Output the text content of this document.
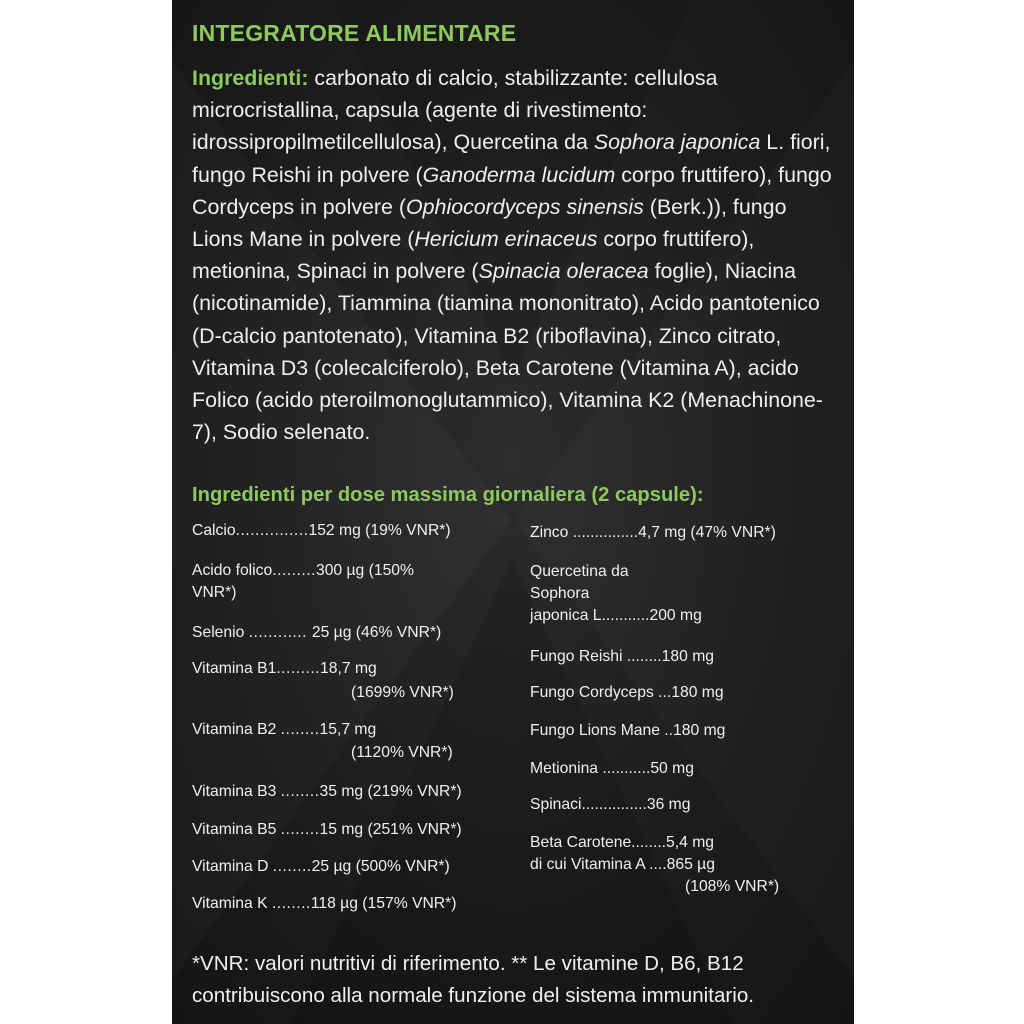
INTEGRATORE ALIMENTARE
Ingredienti: carbonato di calcio, stabilizzante: cellulosa microcristallina, capsula (agente di rivestimento: idrossipropilmetilcellulosa), Quercetina da Sophora japonica L. fiori, fungo Reishi in polvere (Ganoderma lucidum corpo fruttifero), fungo Cordyceps in polvere (Ophiocordyceps sinensis (Berk.)), fungo Lions Mane in polvere (Hericium erinaceus corpo fruttifero), metionina, Spinaci in polvere (Spinacia oleracea foglie), Niacina (nicotinamide), Tiammina (tiamina mononitrato), Acido pantotenico (D-calcio pantotenato), Vitamina B2 (riboflavina), Zinco citrato, Vitamina D3 (colecalciferolo), Beta Carotene (Vitamina A), acido Folico (acido pteroilmonoglutammico), Vitamina K2 (Menachinone-7), Sodio selenato.
Ingredienti per dose massima giornaliera (2 capsule):
Calcio...............152 mg (19% VNR*)
Acido folico.........300 µg (150%
VNR*)
Selenio ............ 25 µg (46% VNR*)
Vitamina B1.........18,7 mg
(1699% VNR*)
Vitamina B2 ........15,7 mg
(1120% VNR*)
Vitamina B3 ........35 mg (219% VNR*)
Vitamina B5 ........15 mg (251% VNR*)
Vitamina D ........25 µg (500% VNR*)
Vitamina K ........118 µg (157% VNR*)
Zinco ...............4,7 mg (47% VNR*)
Quercetina da
Sophora
japonica L...........200 mg
Fungo Reishi ........180 mg
Fungo Cordyceps ...180 mg
Fungo Lions Mane ..180 mg
Metionina ...........50 mg
Spinaci...............36 mg
Beta Carotene........5,4 mg
di cui Vitamina A ....865 µg
(108% VNR*)
*VNR: valori nutritivi di riferimento. ** Le vitamine D, B6, B12 contribuiscono alla normale funzione del sistema immunitario.
